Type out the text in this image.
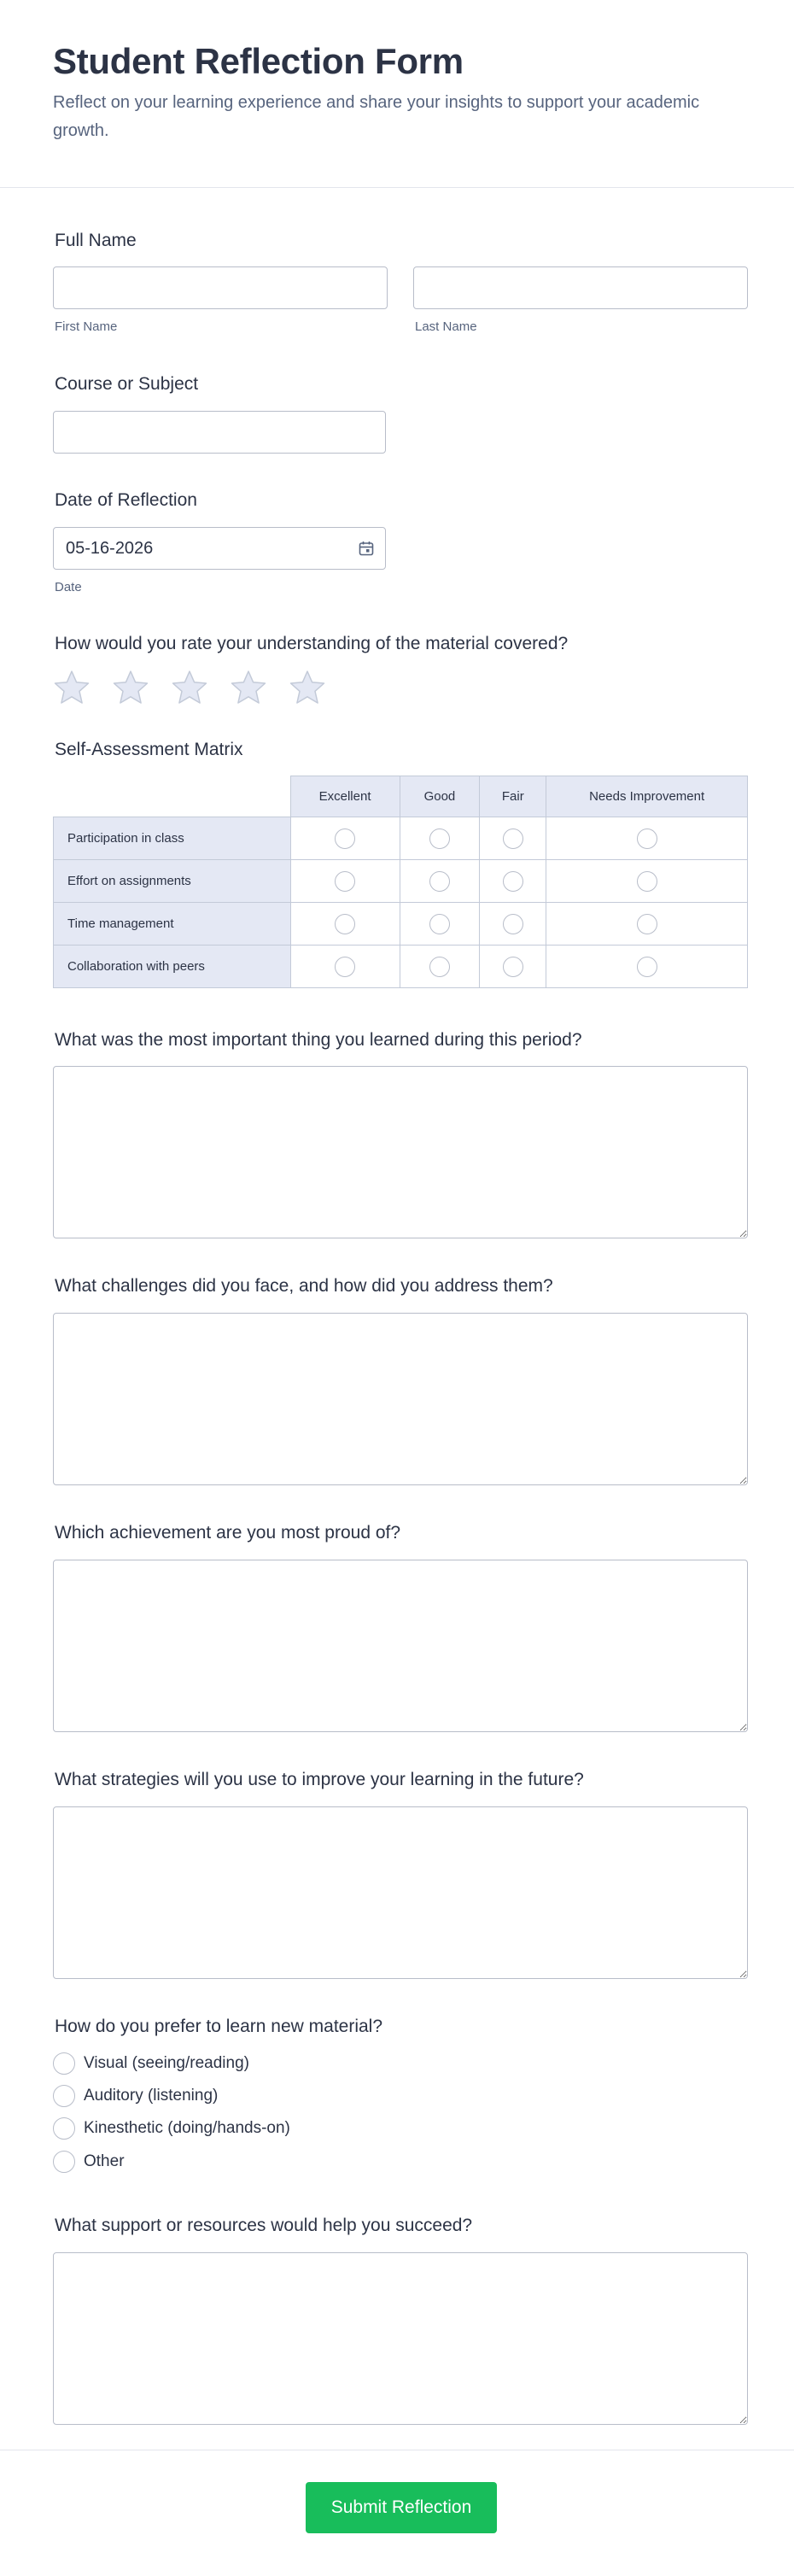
Student Reflection Form

Reflect on your learning experience and share your insights to support your academic growth.

Full Name
First Name	Last Name
Course or Subject
Date of Reflection
05-16-2026
Date
How would you rate your understanding of the material covered?
Self-Assessment Matrix
	Excellent	Good	Fair	Needs Improvement
Participation in class				
Effort on assignments				
Time management				
Collaboration with peers				
What was the most important thing you learned during this period?
What challenges did you face, and how did you address them?
Which achievement are you most proud of?
What strategies will you use to improve your learning in the future?
How do you prefer to learn new material?
Visual (seeing/reading)
Auditory (listening)
Kinesthetic (doing/hands-on)
Other
What support or resources would help you succeed?
Submit Reflection
